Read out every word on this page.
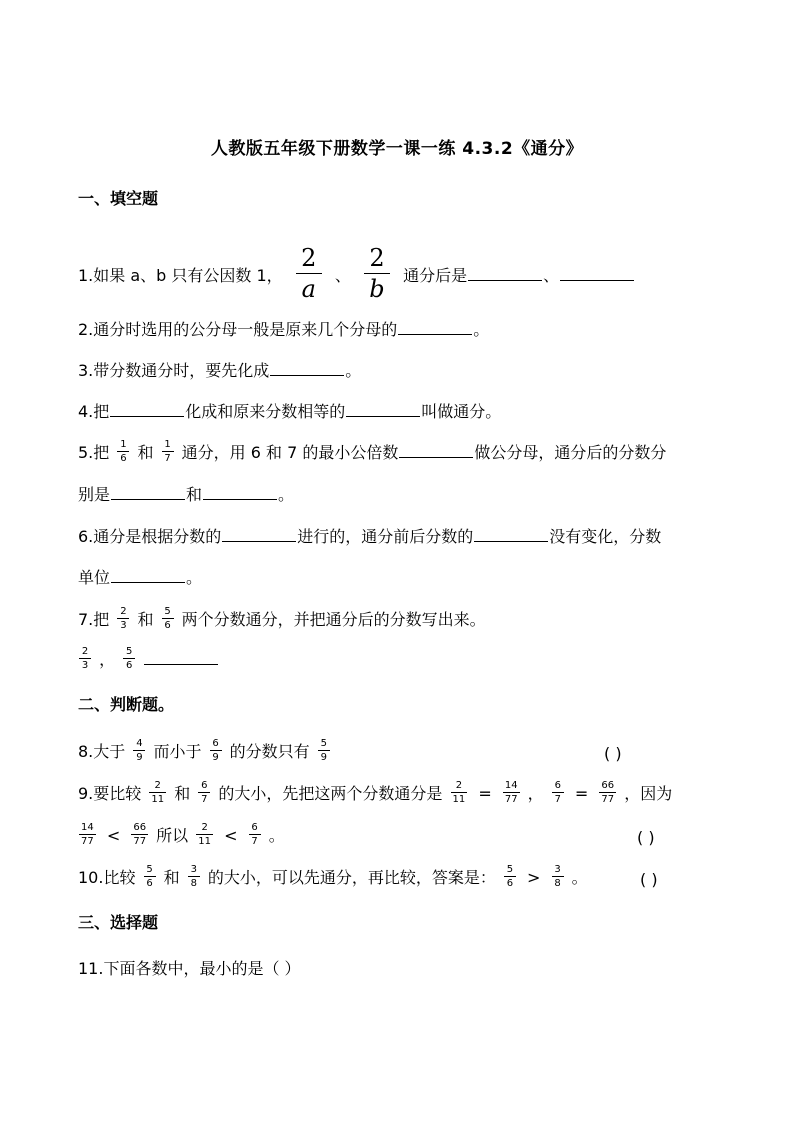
人教版五年级下册数学一课一练 4.3.2《通分》
一、填空题
1.如果 a、b 只有公因数 1， $\frac{2}{a}$ 、 $\frac{2}{b}$ 通分后是	、
2.通分时选用的公分母一般是原来几个分母的	。
3.带分数通分时，要先化成	。
4.把	化成和原来分数相等的	叫做通分。
5.把 $\frac{1}{6}$ 和 $\frac{1}{7}$ 通分，用 6 和 7 的最小公倍数	做公分母，通分后的分数分
别是	和	。
6.通分是根据分数的	进行的，通分前后分数的	没有变化，分数
单位	。
7.把 $\frac{2}{3}$ 和 $\frac{5}{6}$ 两个分数通分，并把通分后的分数写出来。
$\frac{2}{3}$ ， $\frac{5}{6}$

二、判断题。
8.大于 $\frac{4}{9}$ 而小于 $\frac{6}{9}$ 的分数只有 $\frac{5}{9}$	( )
9.要比较 $\frac{2}{11}$ 和 $\frac{6}{7}$ 的大小，先把这两个分数通分是 $\frac{2}{11} = \frac{14}{77}$ ， $\frac{6}{7} = \frac{66}{77}$ ，因为
$\frac{14}{77} < \frac{66}{77}$ 所以 $\frac{2}{11} < \frac{6}{7}$ 。	( )
10.比较 $\frac{5}{6}$ 和 $\frac{3}{8}$ 的大小，可以先通分，再比较，答案是： $\frac{5}{6} > \frac{3}{8}$ 。	( )
三、选择题
11.下面各数中，最小的是（ ）
